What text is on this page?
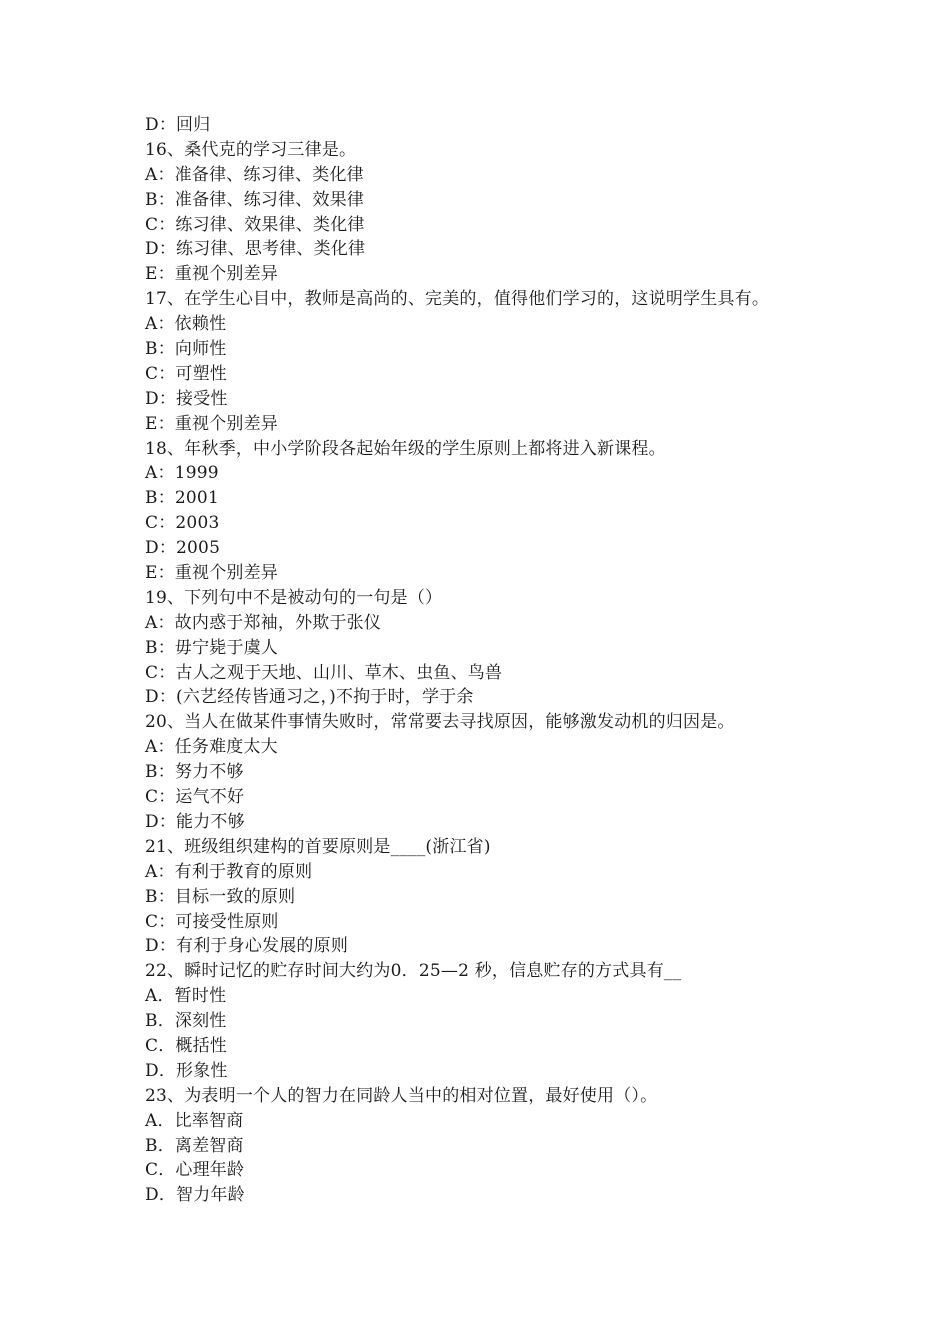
D：回归
16、桑代克的学习三律是。
A：准备律、练习律、类化律
B：准备律、练习律、效果律
C：练习律、效果律、类化律
D：练习律、思考律、类化律
E：重视个别差异
17、在学生心目中，教师是高尚的、完美的，值得他们学习的，这说明学生具有。
A：依赖性
B：向师性
C：可塑性
D：接受性
E：重视个别差异
18、年秋季，中小学阶段各起始年级的学生原则上都将进入新课程。
A：1999
B：2001
C：2003
D：2005
E：重视个别差异
19、下列句中不是被动句的一句是（）
A：故内惑于郑袖，外欺于张仪
B：毋宁毙于虞人
C：古人之观于天地、山川、草木、虫鱼、鸟兽
D：(六艺经传皆通习之，)不拘于时，学于余
20、当人在做某件事情失败时，常常要去寻找原因，能够激发动机的归因是。
A：任务难度太大
B：努力不够
C：运气不好
D：能力不够
21、班级组织建构的首要原则是____(浙江省)
A：有利于教育的原则
B：目标一致的原则
C：可接受性原则
D：有利于身心发展的原则
22、瞬时记忆的贮存时间大约为0．25—2 秒，信息贮存的方式具有__
A．暂时性
B．深刻性
C．概括性
D．形象性
23、为表明一个人的智力在同龄人当中的相对位置，最好使用（）。
A．比率智商
B．离差智商
C．心理年龄
D．智力年龄
